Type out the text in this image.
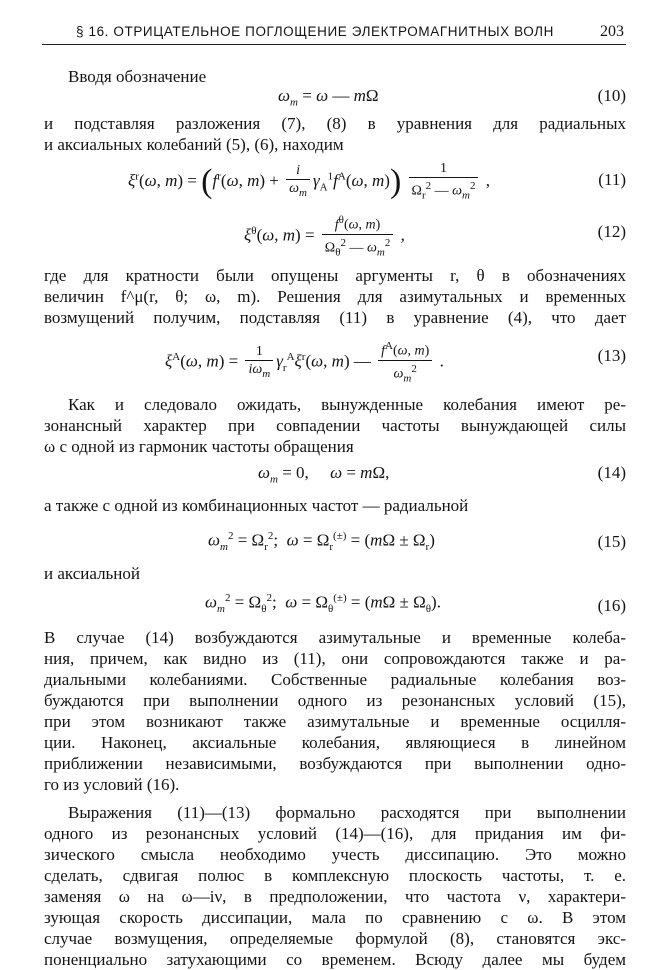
§ 16. ОТРИЦАТЕЛЬНОЕ ПОГЛОЩЕНИЕ ЭЛЕКТРОМАГНИТНЫХ ВОЛН	203
Вводя обозначение
$\omega_m = \omega$ — mΩ	(10)
и подставляя разложения (7), (8) в уравнения для радиальных
и аксиальных колебаний (5), (6), находим
$\xi^r(\omega$, $m) = (f^r(\omega$, $m) + \frac{i}{\omega_m} \gamma_A^1f^A(\omega$, $m)) \frac{1}{\Omega_r^2 — \omega_m^2}$ ,	(11)
$\xi^\theta(\omega$, $m) = \frac{f^\theta(\omega, m)}{\Omega_\theta^2 — \omega_m^2}$ ,	(12)
где для кратности были опущены аргументы r, θ в обозначениях
величин f^μ(r, θ; ω, m). Решения для азимутальных и временных
возмущений получим, подставляя (11) в уравнение (4), что дает
$\xi^A(\omega$, $m) = \frac{1}{i\omega_m} \gamma_r^A\xi^r(\omega$, m) — $\frac{f^A(\omega, m)}{\omega_m^2}$ .	(13)
Как и следовало ожидать, вынужденные колебания имеют ре-
зонансный характер при совпадении частоты вынуждающей силы
ω с одной из гармоник частоты обращения
$\omega_m = 0$,     ω = mΩ,	(14)
а также с одной из комбинационных частот — радиальной
$\omega_m^2 = \Omega_r^2$;  $\omega = \Omega_r^{(\pm)} = (m\Omega \pm \Omega_r)$	(15)
и аксиальной
$\omega_m^2 = \Omega_\theta^2$;  $\omega = \Omega_\theta^{(\pm)} = (m\Omega \pm \Omega_\theta)$.	(16)
В случае (14) возбуждаются азимутальные и временные колеба-
ния, причем, как видно из (11), они сопровождаются также и ра-
диальными колебаниями. Собственные радиальные колебания воз-
буждаются при выполнении одного из резонансных условий (15),
при этом возникают также азимутальные и временные осцилля-
ции. Наконец, аксиальные колебания, являющиеся в линейном
приближении независимыми, возбуждаются при выполнении одно-
го из условий (16).
Выражения (11)—(13) формально расходятся при выполнении
одного из резонансных условий (14)—(16), для придания им фи-
зического смысла необходимо учесть диссипацию. Это можно
сделать, сдвигая полюс в комплексную плоскость частоты, т. е.
заменяя ω на ω—iν, в предположении, что частота ν, характери-
зующая скорость диссипации, мала по сравнению с ω. В этом
случае возмущения, определяемые формулой (8), становятся экс-
поненциально затухающими со временем. Всюду далее мы будем
